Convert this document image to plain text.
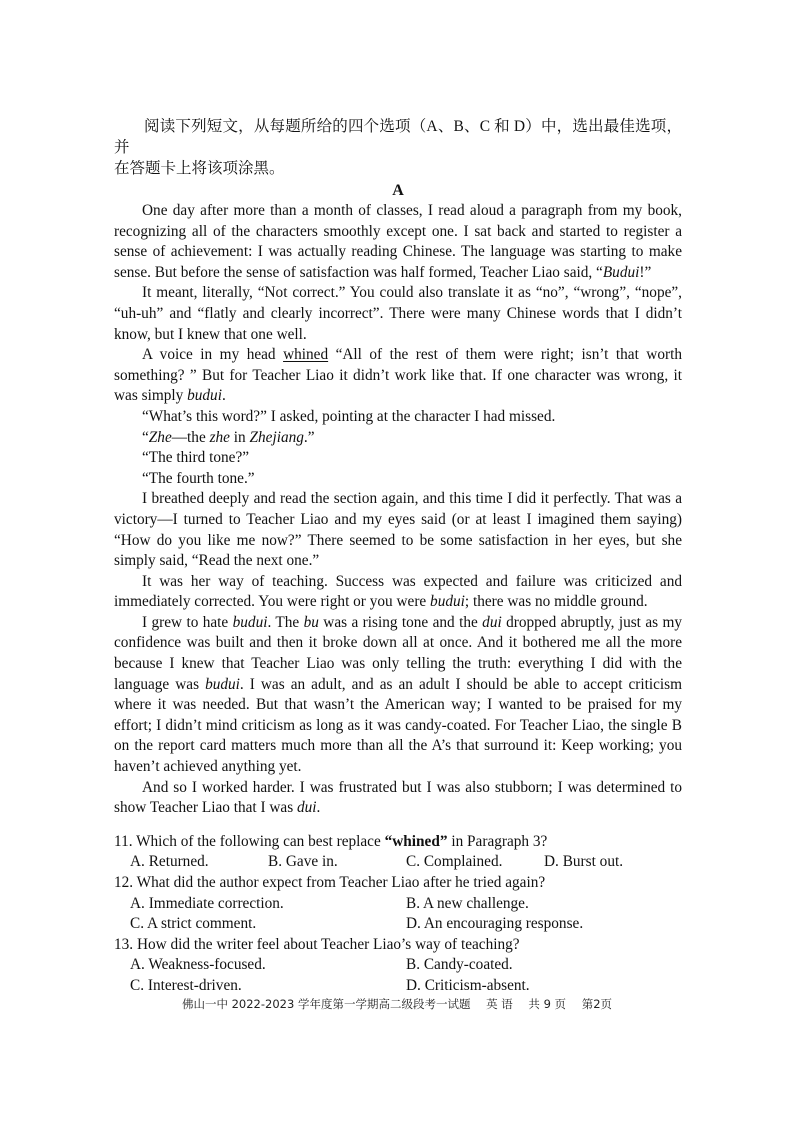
阅读下列短文，从每题所给的四个选项（A、B、C 和 D）中，选出最佳选项，并
在答题卡上将该项涂黑。

A

One day after more than a month of classes, I read aloud a paragraph from my book, recognizing all of the characters smoothly except one. I sat back and started to register a sense of achievement: I was actually reading Chinese. The language was starting to make sense. But before the sense of satisfaction was half formed, Teacher Liao said, “Budui!”

It meant, literally, “Not correct.” You could also translate it as “no”, “wrong”, “nope”, “uh-uh” and “flatly and clearly incorrect”. There were many Chinese words that I didn’t know, but I knew that one well.

A voice in my head whined “All of the rest of them were right; isn’t that worth something? ” But for Teacher Liao it didn’t work like that. If one character was wrong, it was simply budui.

“What’s this word?” I asked, pointing at the character I had missed.

“Zhe—the zhe in Zhejiang.”

“The third tone?”

“The fourth tone.”

I breathed deeply and read the section again, and this time I did it perfectly. That was a victory—I turned to Teacher Liao and my eyes said (or at least I imagined them saying) “How do you like me now?” There seemed to be some satisfaction in her eyes, but she simply said, “Read the next one.”

It was her way of teaching. Success was expected and failure was criticized and immediately corrected. You were right or you were budui; there was no middle ground.

I grew to hate budui. The bu was a rising tone and the dui dropped abruptly, just as my confidence was built and then it broke down all at once. And it bothered me all the more because I knew that Teacher Liao was only telling the truth: everything I did with the language was budui. I was an adult, and as an adult I should be able to accept criticism where it was needed. But that wasn’t the American way; I wanted to be praised for my effort; I didn’t mind criticism as long as it was candy-coated. For Teacher Liao, the single B on the report card matters much more than all the A’s that surround it: Keep working; you haven’t achieved anything yet.

And so I worked harder. I was frustrated but I was also stubborn; I was determined to show Teacher Liao that I was dui.

11. Which of the following can best replace “whined” in Paragraph 3?

A. Returned.	B. Gave in.	C. Complained.	D. Burst out.

12. What did the author expect from Teacher Liao after he tried again?

A. Immediate correction.	B. A new challenge.
C. A strict comment.	D. An encouraging response.

13. How did the writer feel about Teacher Liao’s way of teaching?

A. Weakness-focused.	B. Candy-coated.
C. Interest-driven.	D. Criticism-absent.
佛山一中 2022-2023 学年度第一学期高二级段考一试题 英 语 共 9 页 第2页
